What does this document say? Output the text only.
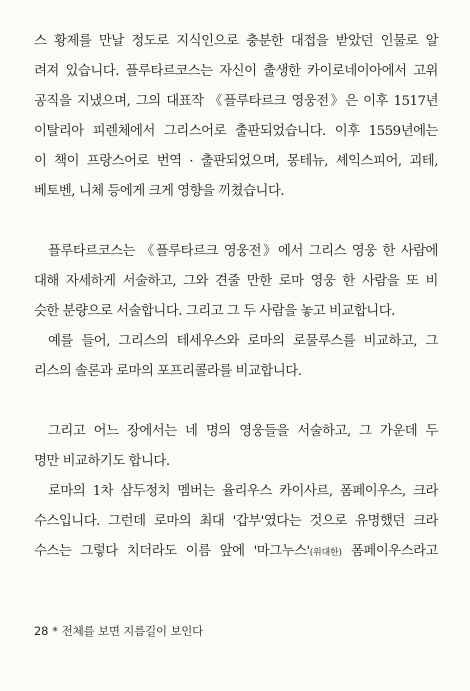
스 황제를 만날 정도로 지식인으로 충분한 대접을 받았던 인물로 알
려져 있습니다. 플루타르코스는 자신이 출생한 카이로네이아에서 고위
공직을 지냈으며, 그의 대표작 《플루타르크 영웅전》은 이후 1517년
이탈리아 피렌체에서 그리스어로 출판되었습니다. 이후 1559년에는
이 책이 프랑스어로 번역 · 출판되었으며, 몽테뉴, 셰익스피어, 괴테,
베토벤, 니체 등에게 크게 영향을 끼쳤습니다.

플루타르코스는 《플루타르크 영웅전》에서 그리스 영웅 한 사람에
대해 자세하게 서술하고, 그와 견줄 만한 로마 영웅 한 사람을 또 비
슷한 분량으로 서술합니다. 그리고 그 두 사람을 놓고 비교합니다.

예를 들어, 그리스의 테세우스와 로마의 로물루스를 비교하고, 그
리스의 솔론과 로마의 포프리콜라를 비교합니다.

그리고 어느 장에서는 네 명의 영웅들을 서술하고, 그 가운데 두
명만 비교하기도 합니다.

로마의 1차 삼두정치 멤버는 율리우스 카이사르, 폼페이우스, 크라
수스입니다. 그런데 로마의 최대 '갑부'였다는 것으로 유명했던 크라
수스는 그렇다 치더라도 이름 앞에 '마그누스'(위대한) 폼페이우스라고

28 * 전체를 보면 지름길이 보인다
